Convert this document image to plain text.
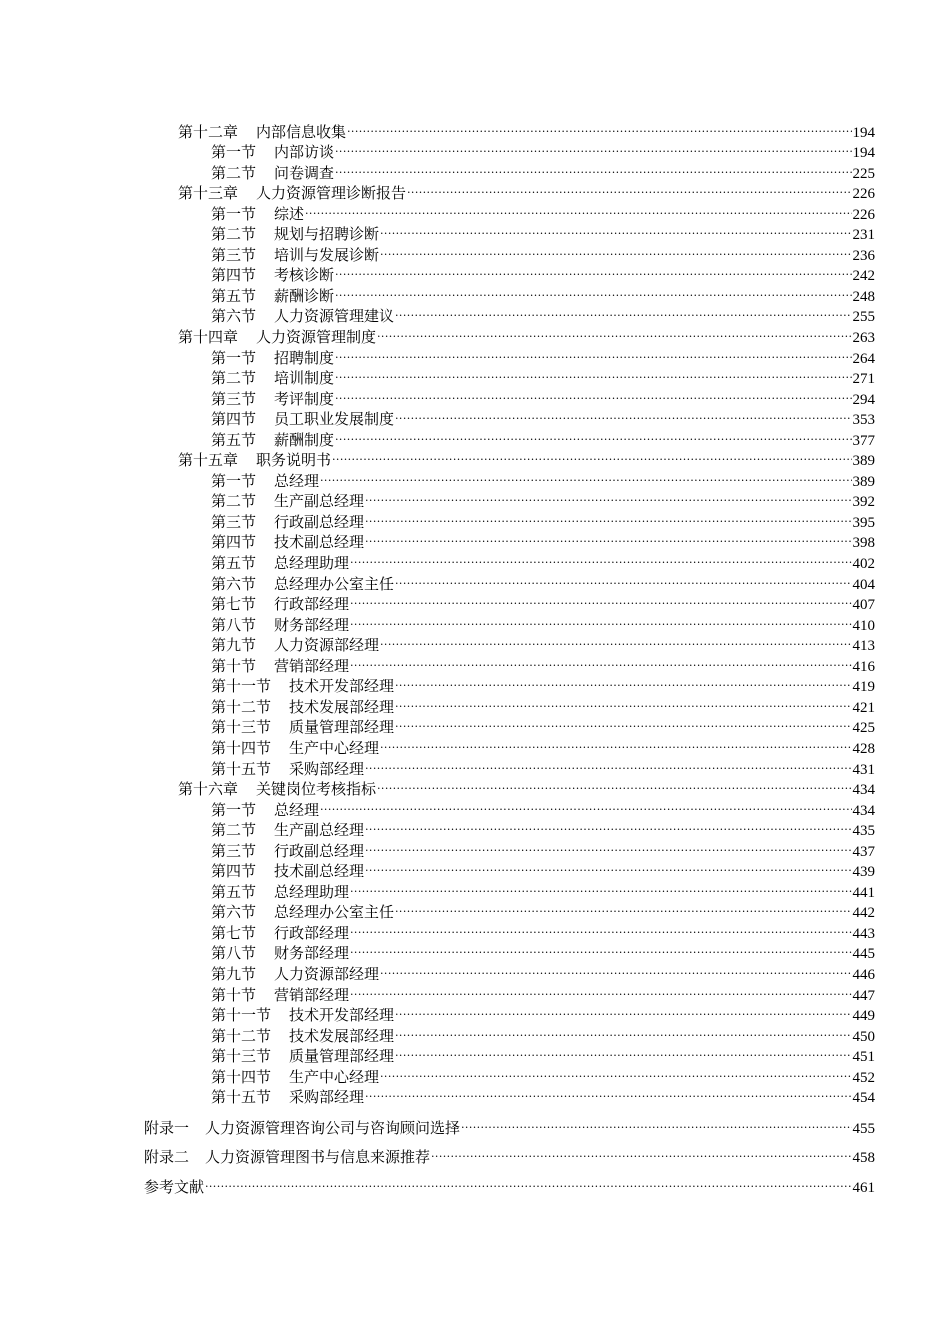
第十二章 内部信息收集 .....	194
第一节 内部访谈 .....	194
第二节 问卷调查 .....	225
第十三章 人力资源管理诊断报告 .....	226
第一节 综述 .....	226
第二节 规划与招聘诊断 .....	231
第三节 培训与发展诊断 .....	236
第四节 考核诊断 .....	242
第五节 薪酬诊断 .....	248
第六节 人力资源管理建议 .....	255
第十四章 人力资源管理制度 .....	263
第一节 招聘制度 .....	264
第二节 培训制度 .....	271
第三节 考评制度 .....	294
第四节 员工职业发展制度 .....	353
第五节 薪酬制度 .....	377
第十五章 职务说明书 .....	389
第一节 总经理 .....	389
第二节 生产副总经理 .....	392
第三节 行政副总经理 .....	395
第四节 技术副总经理 .....	398
第五节 总经理助理 .....	402
第六节 总经理办公室主任 .....	404
第七节 行政部经理 .....	407
第八节 财务部经理 .....	410
第九节 人力资源部经理 .....	413
第十节 营销部经理 .....	416
第十一节 技术开发部经理 .....	419
第十二节 技术发展部经理 .....	421
第十三节 质量管理部经理 .....	425
第十四节 生产中心经理 .....	428
第十五节 采购部经理 .....	431
第十六章 关键岗位考核指标 .....	434
第一节 总经理 .....	434
第二节 生产副总经理 .....	435
第三节 行政副总经理 .....	437
第四节 技术副总经理 .....	439
第五节 总经理助理 .....	441
第六节 总经理办公室主任 .....	442
第七节 行政部经理 .....	443
第八节 财务部经理 .....	445
第九节 人力资源部经理 .....	446
第十节 营销部经理 .....	447
第十一节 技术开发部经理 .....	449
第十二节 技术发展部经理 .....	450
第十三节 质量管理部经理 .....	451
第十四节 生产中心经理 .....	452
第十五节 采购部经理 .....	454
附录一 人力资源管理咨询公司与咨询顾问选择 .....	455
附录二 人力资源管理图书与信息来源推荐 .....	458
参考文献 .....	461
